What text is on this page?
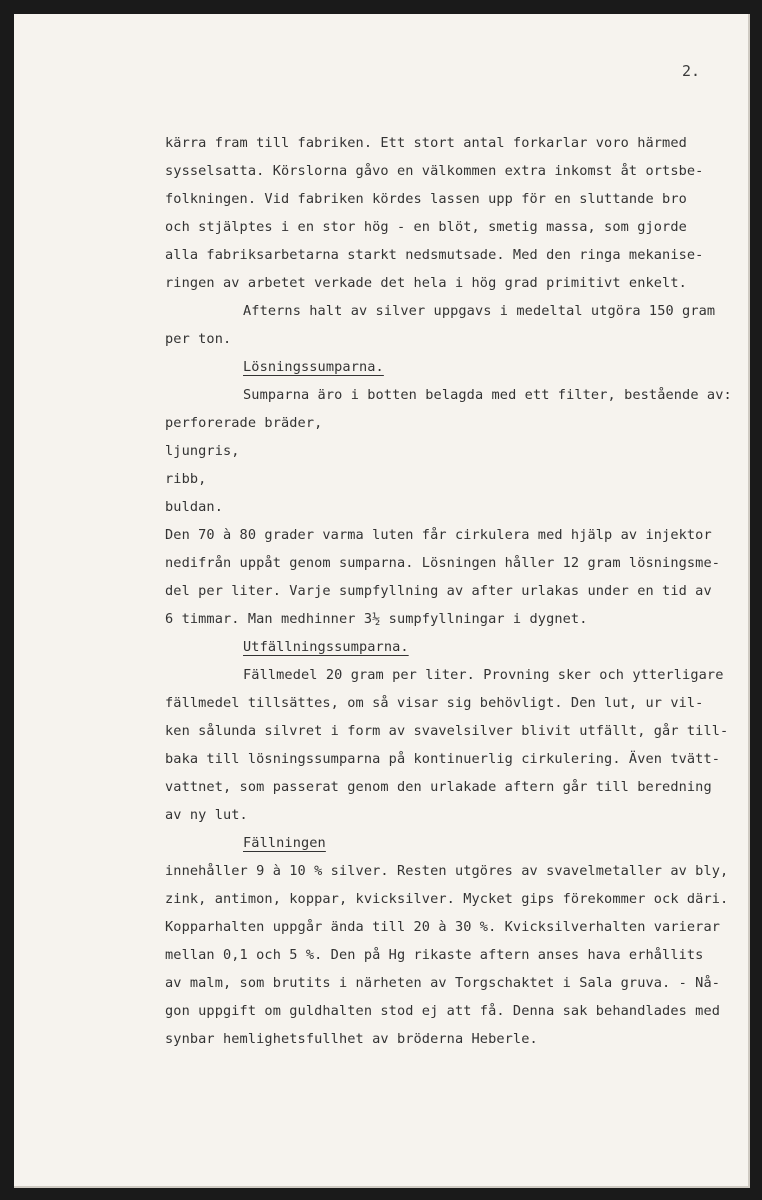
2.
kärra fram till fabriken. Ett stort antal forkarlar voro härmed
sysselsatta. Körslorna gåvo en välkommen extra inkomst åt ortsbe-
folkningen. Vid fabriken kördes lassen upp för en sluttande bro
och stjälptes i en stor hög - en blöt, smetig massa, som gjorde
alla fabriksarbetarna starkt nedsmutsade. Med den ringa mekanise-
ringen av arbetet verkade det hela i hög grad primitivt enkelt.
Afterns halt av silver uppgavs i medeltal utgöra 150 gram
per ton.
Lösningssumparna.
Sumparna äro i botten belagda med ett filter, bestående av:
perforerade bräder,
ljungris,
ribb,
buldan.
Den 70 à 80 grader varma luten får cirkulera med hjälp av injektor
nedifrån uppåt genom sumparna. Lösningen håller 12 gram lösningsme-
del per liter. Varje sumpfyllning av after urlakas under en tid av
6 timmar. Man medhinner 3½ sumpfyllningar i dygnet.
Utfällningssumparna.
Fällmedel 20 gram per liter. Provning sker och ytterligare
fällmedel tillsättes, om så visar sig behövligt. Den lut, ur vil-
ken sålunda silvret i form av svavelsilver blivit utfällt, går till-
baka till lösningssumparna på kontinuerlig cirkulering. Även tvätt-
vattnet, som passerat genom den urlakade aftern går till beredning
av ny lut.
Fällningen
innehåller 9 à 10 % silver. Resten utgöres av svavelmetaller av bly,
zink, antimon, koppar, kvicksilver. Mycket gips förekommer ock däri.
Kopparhalten uppgår ända till 20 à 30 %. Kvicksilverhalten varierar
mellan 0,1 och 5 %. Den på Hg rikaste aftern anses hava erhållits
av malm, som brutits i närheten av Torgschaktet i Sala gruva. - Nå-
gon uppgift om guldhalten stod ej att få. Denna sak behandlades med
synbar hemlighetsfullhet av bröderna Heberle.
